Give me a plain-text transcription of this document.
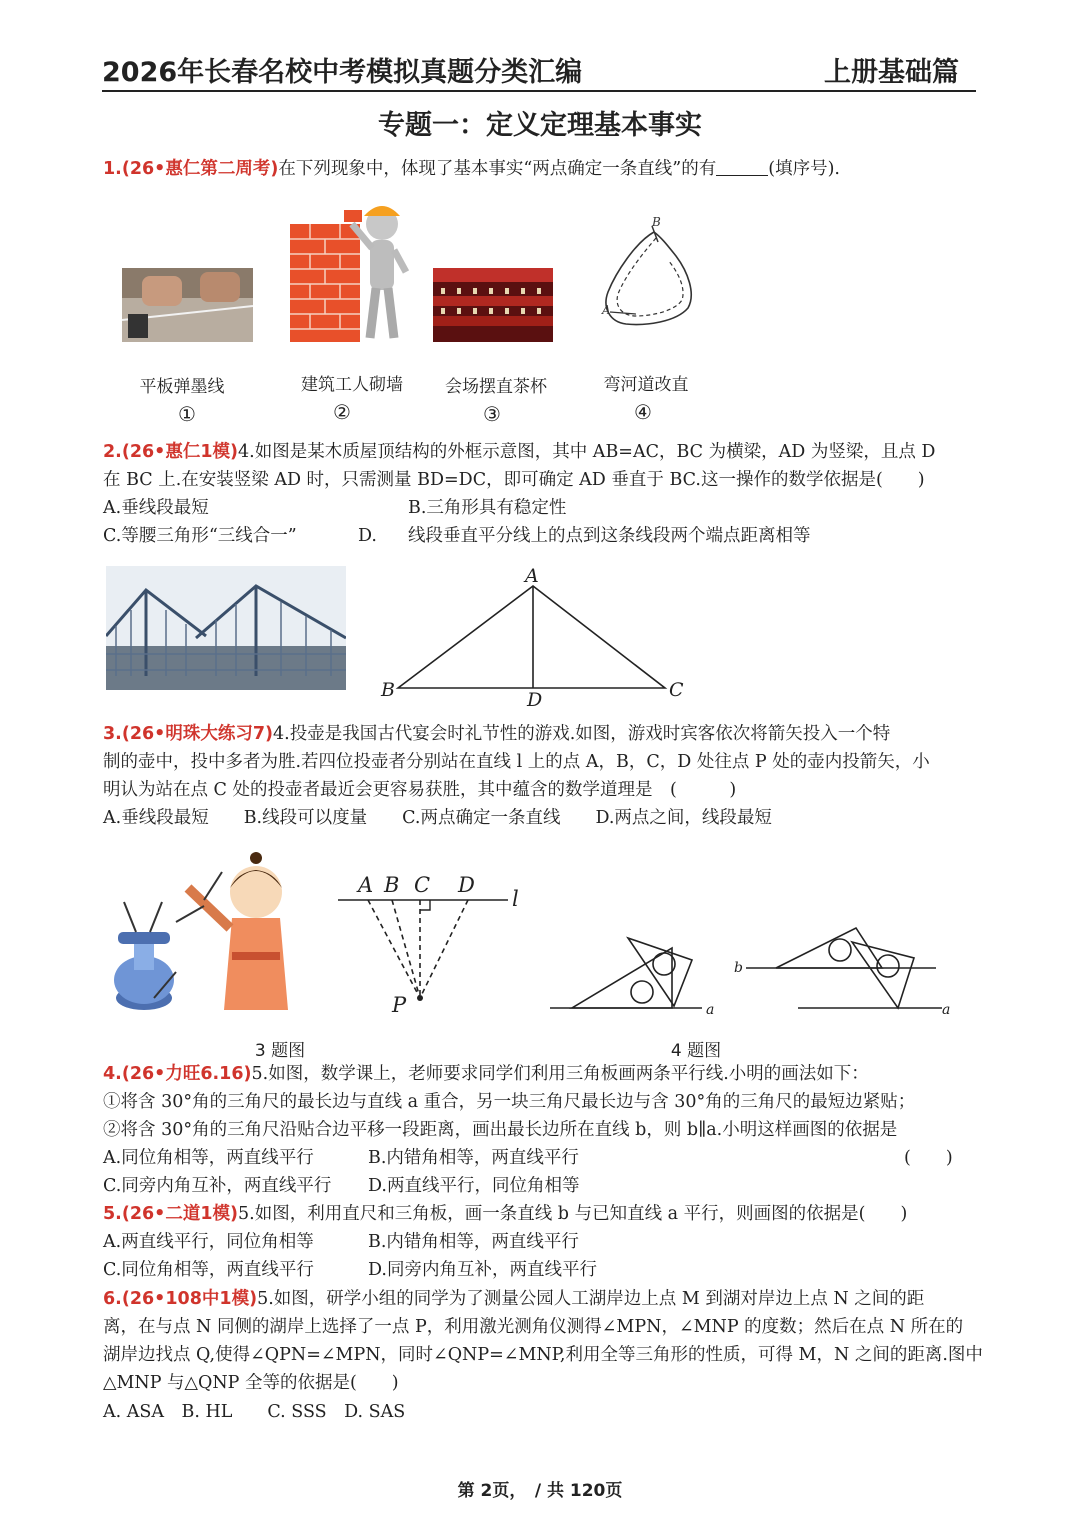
2026年长春名校中考模拟真题分类汇编	上册基础篇
专题一：定义定理基本事实
1.(26•惠仁第二周考)在下列现象中，体现了基本事实“两点确定一条直线”的有	(填序号).
B
A
平板弹墨线	建筑工人砌墙 会场摆直茶杯	弯河道改直
①	②	③	④
2.(26•惠仁1模)4.如图是某木质屋顶结构的外框示意图，其中 AB=AC，BC 为横梁，AD 为竖梁，且点 D
在 BC 上.在安装竖梁 AD 时，只需测量 BD=DC，即可确定 AD 垂直于 BC.这一操作的数学依据是(　　)
A.垂线段最短	B.三角形具有稳定性
C.等腰三角形“三线合一”	D.	线段垂直平分线上的点到这条线段两个端点距离相等
A
B	C
D
3.(26•明珠大练习7)4.投壶是我国古代宴会时礼节性的游戏.如图，游戏时宾客依次将箭矢投入一个特
制的壶中，投中多者为胜.若四位投壶者分别站在直线 l 上的点 A，B，C，D 处往点 P 处的壶内投箭矢，小
明认为站在点 C 处的投壶者最近会更容易获胜，其中蕴含的数学道理是　(　　　)
A.垂线段最短　　B.线段可以度量　　C.两点确定一条直线　　D.两点之间，线段最短
A B C D
l
P	a
b
a
3 题图	4 题图
4.(26•力旺6.16)5.如图，数学课上，老师要求同学们利用三角板画两条平行线.小明的画法如下：
①将含 30°角的三角尺的最长边与直线 a 重合，另一块三角尺最长边与含 30°角的三角尺的最短边紧贴；
②将含 30°角的三角尺沿贴合边平移一段距离，画出最长边所在直线 b，则 b∥a.小明这样画图的依据是
A.同位角相等，两直线平行	B.内错角相等，两直线平行	(　　)
C.同旁内角互补，两直线平行	D.两直线平行，同位角相等
5.(26•二道1模)5.如图，利用直尺和三角板，画一条直线 b 与已知直线 a 平行，则画图的依据是(　　)
A.两直线平行，同位角相等	B.内错角相等，两直线平行
C.同位角相等，两直线平行	D.同旁内角互补，两直线平行
6.(26•108中1模)5.如图，研学小组的同学为了测量公园人工湖岸边上点 M 到湖对岸边上点 N 之间的距
离，在与点 N 同侧的湖岸上选择了一点 P，利用激光测角仪测得∠MPN，∠MNP 的度数；然后在点 N 所在的
湖岸边找点 Q,使得∠QPN=∠MPN，同时∠QNP=∠MNP,利用全等三角形的性质，可得 M，N 之间的距离.图中
△MNP 与△QNP 全等的依据是(　　)
A. ASA　B. HL　　C. SSS　D. SAS
第 2页，　/ 共 120页
